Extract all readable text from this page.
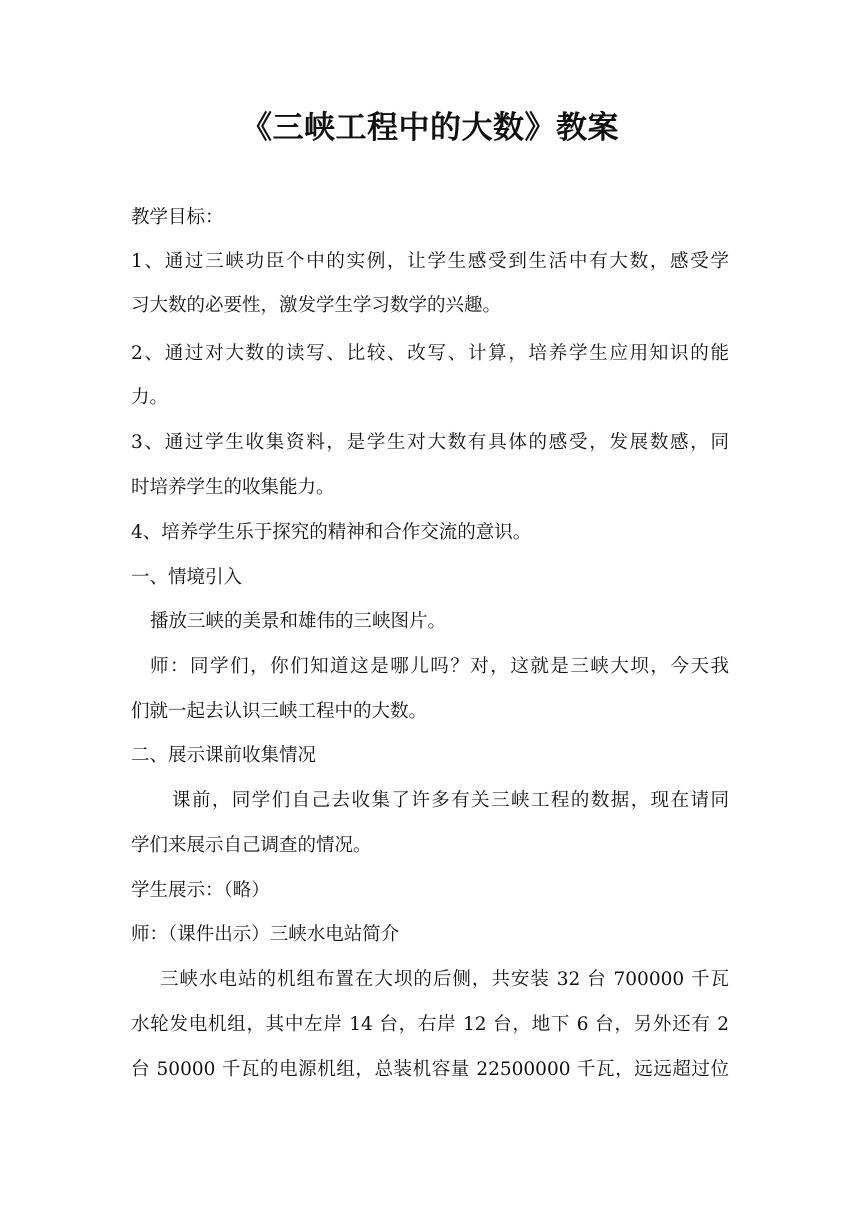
《三峡工程中的大数》教案
教学目标：
1、通过三峡功臣个中的实例，让学生感受到生活中有大数，感受学
习大数的必要性，激发学生学习数学的兴趣。
2、通过对大数的读写、比较、改写、计算，培养学生应用知识的能
力。
3、通过学生收集资料，是学生对大数有具体的感受，发展数感，同
时培养学生的收集能力。
4、培养学生乐于探究的精神和合作交流的意识。
一、情境引入
播放三峡的美景和雄伟的三峡图片。
师：同学们，你们知道这是哪儿吗？对，这就是三峡大坝，今天我
们就一起去认识三峡工程中的大数。
二、展示课前收集情况
课前，同学们自己去收集了许多有关三峡工程的数据，现在请同
学们来展示自己调查的情况。
学生展示：（略）
师：（课件出示）三峡水电站简介
三峡水电站的机组布置在大坝的后侧，共安装 32 台 700000 千瓦
水轮发电机组，其中左岸 14 台，右岸 12 台，地下 6 台，另外还有 2
台 50000 千瓦的电源机组，总装机容量 22500000 千瓦，远远超过位
